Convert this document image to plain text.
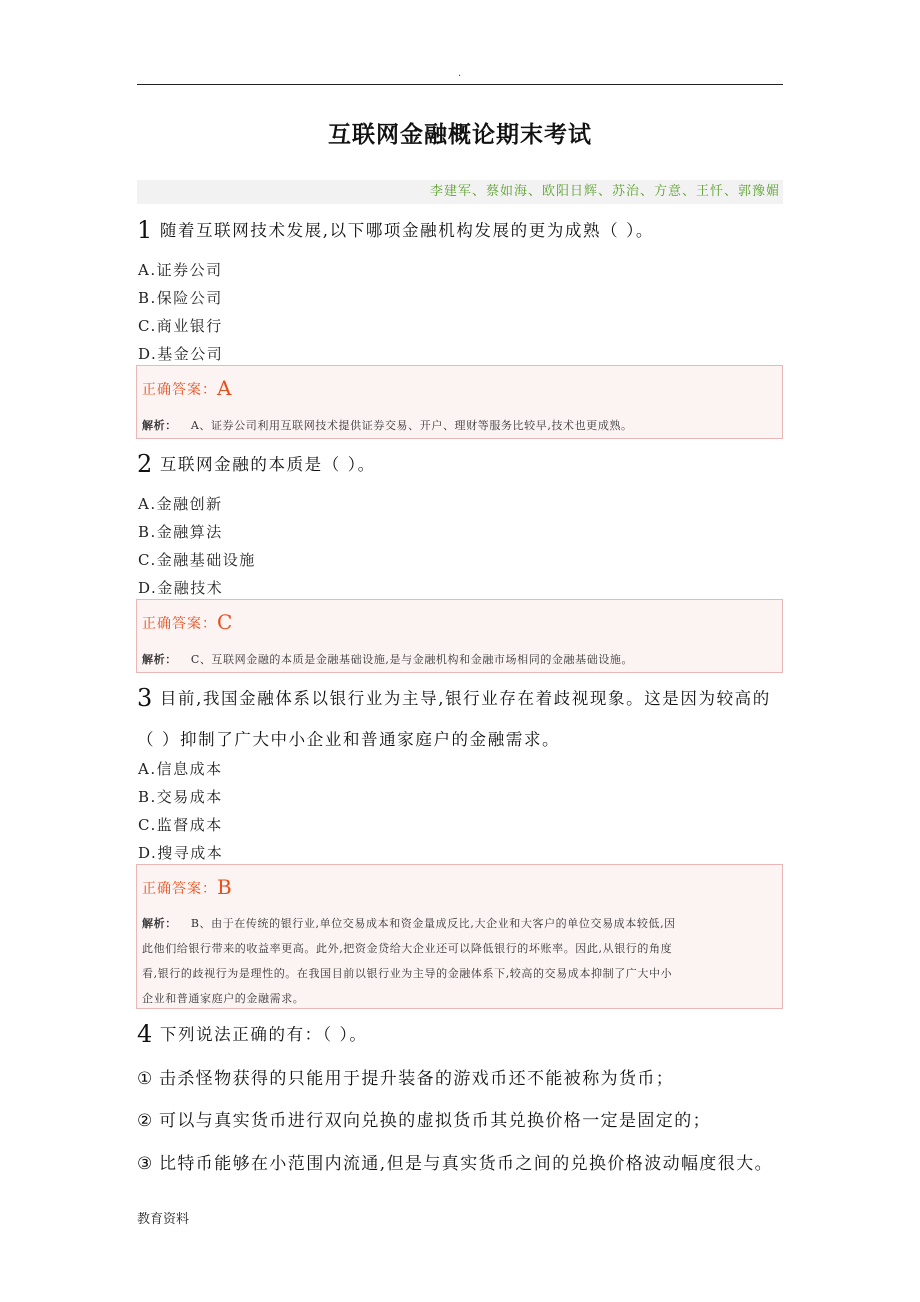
.
互联网金融概论期末考试
李建军、蔡如海、欧阳日辉、苏治、方意、王忏、郭豫媚
1 随着互联网技术发展,以下哪项金融机构发展的更为成熟（ ）。
A.证券公司
B.保险公司
C.商业银行
D.基金公司
正确答案：A
解析： A、证券公司利用互联网技术提供证券交易、开户、理财等服务比较早,技术也更成熟。
2 互联网金融的本质是（ ）。
A.金融创新
B.金融算法
C.金融基础设施
D.金融技术
正确答案：C
解析： C、互联网金融的本质是金融基础设施,是与金融机构和金融市场相同的金融基础设施。
3 目前,我国金融体系以银行业为主导,银行业存在着歧视现象。这是因为较高的
（ ）抑制了广大中小企业和普通家庭户的金融需求。
A.信息成本
B.交易成本
C.监督成本
D.搜寻成本
正确答案：B
解析： B、由于在传统的银行业,单位交易成本和资金量成反比,大企业和大客户的单位交易成本较低,因
此他们给银行带来的收益率更高。此外,把资金贷给大企业还可以降低银行的坏账率。因此,从银行的角度
看,银行的歧视行为是理性的。在我国目前以银行业为主导的金融体系下,较高的交易成本抑制了广大中小
企业和普通家庭户的金融需求。
4 下列说法正确的有：（ ）。
① 击杀怪物获得的只能用于提升装备的游戏币还不能被称为货币；
② 可以与真实货币进行双向兑换的虚拟货币其兑换价格一定是固定的；
③ 比特币能够在小范围内流通,但是与真实货币之间的兑换价格波动幅度很大。
教育资料
